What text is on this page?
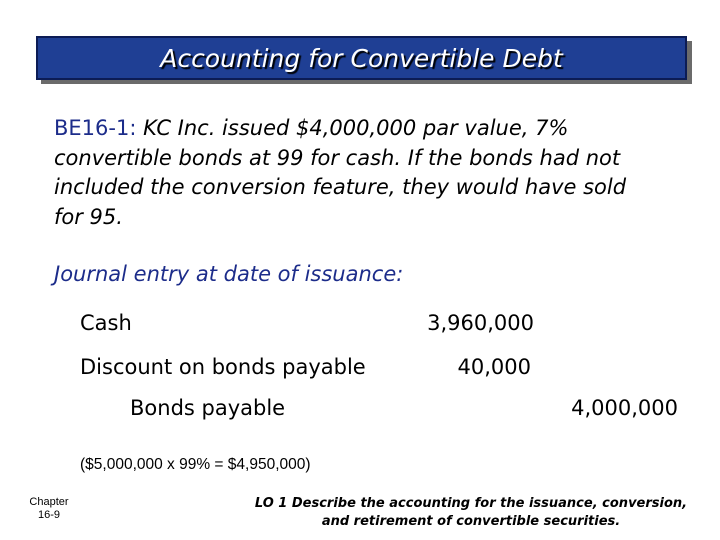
Accounting for Convertible Debt
BE16-1: KC Inc. issued $4,000,000 par value, 7%
convertible bonds at 99 for cash. If the bonds had not
included the conversion feature, they would have sold
for 95.
Journal entry at date of issuance:
Cash	3,960,000
Discount on bonds payable	40,000
Bonds payable	4,000,000
($5,000,000 x 99% = $4,950,000)
Chapter
16-9
LO 1 Describe the accounting for the issuance, conversion,
and retirement of convertible securities.
